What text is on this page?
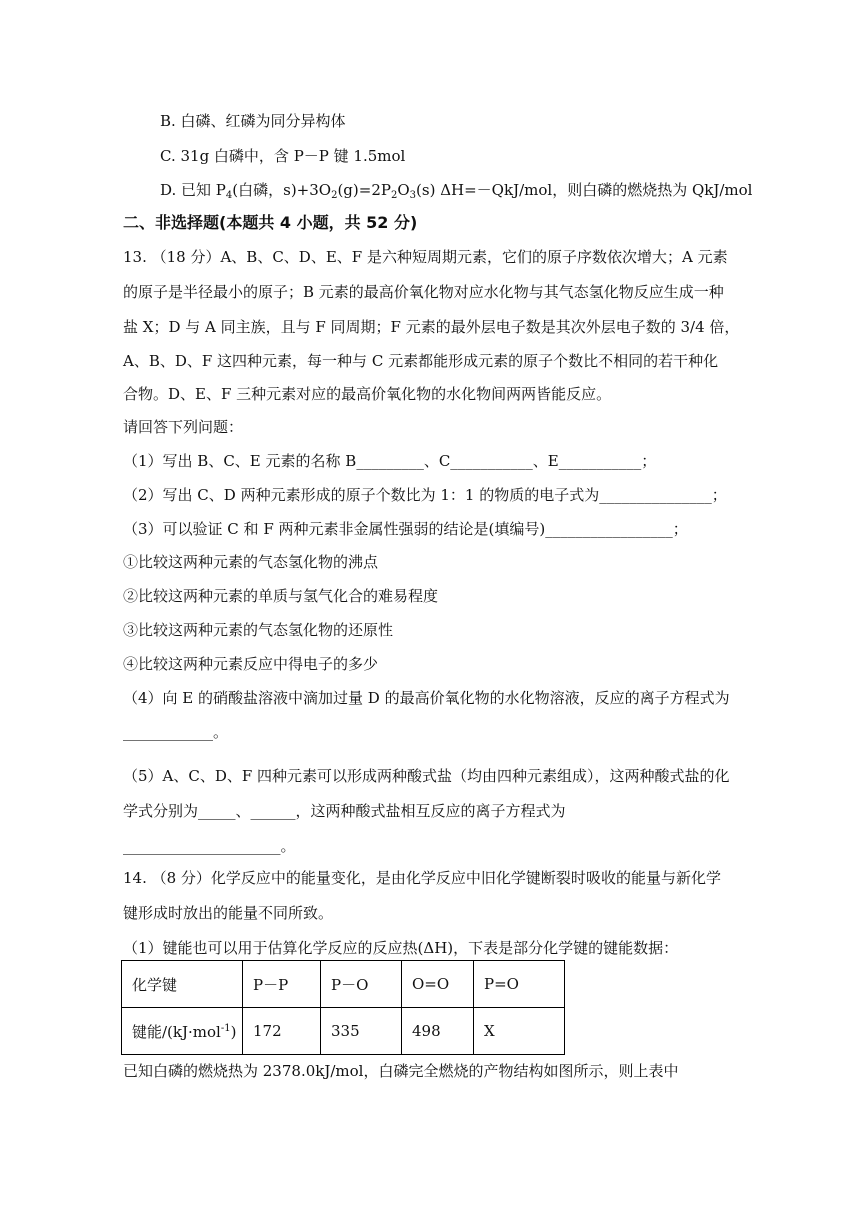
B. 白磷、红磷为同分异构体
C. 31g 白磷中，含 P－P 键 1.5mol
D. 已知 $P_4$(白磷，$s)+3O_2(g)=2P_2O_3(s)$ ΔH=－QkJ/mol，则白磷的燃烧热为 QkJ/mol
二、非选择题(本题共 4 小题，共 52 分)
13. （18 分）A、B、C、D、E、F 是六种短周期元素，它们的原子序数依次增大；A 元素
的原子是半径最小的原子；B 元素的最高价氧化物对应水化物与其气态氢化物反应生成一种
盐 X；D 与 A 同主族，且与 F 同周期；F 元素的最外层电子数是其次外层电子数的 3/4 倍，
A、B、D、F 这四种元素，每一种与 C 元素都能形成元素的原子个数比不相同的若干种化
合物。D、E、F 三种元素对应的最高价氧化物的水化物间两两皆能反应。
请回答下列问题：
（1）写出 B、C、E 元素的名称 B_________、C___________、E___________；
（2）写出 C、D 两种元素形成的原子个数比为 1：1 的物质的电子式为_______________；
（3）可以验证 C 和 F 两种元素非金属性强弱的结论是(填编号)_________________；
①比较这两种元素的气态氢化物的沸点
②比较这两种元素的单质与氢气化合的难易程度
③比较这两种元素的气态氢化物的还原性
④比较这两种元素反应中得电子的多少
（4）向 E 的硝酸盐溶液中滴加过量 D 的最高价氧化物的水化物溶液，反应的离子方程式为
____________。
（5）A、C、D、F 四种元素可以形成两种酸式盐（均由四种元素组成），这两种酸式盐的化
学式分别为_____、______，这两种酸式盐相互反应的离子方程式为
_____________________。
14. （8 分）化学反应中的能量变化，是由化学反应中旧化学键断裂时吸收的能量与新化学
键形成时放出的能量不同所致。
（1）键能也可以用于估算化学反应的反应热(ΔH)，下表是部分化学键的键能数据：
化学键	P－P	P－O	O=O	P=O
键能/(kJ·mol$^{-1}$)	172	335	498	X
已知白磷的燃烧热为 2378.0kJ/mol，白磷完全燃烧的产物结构如图所示，则上表中
